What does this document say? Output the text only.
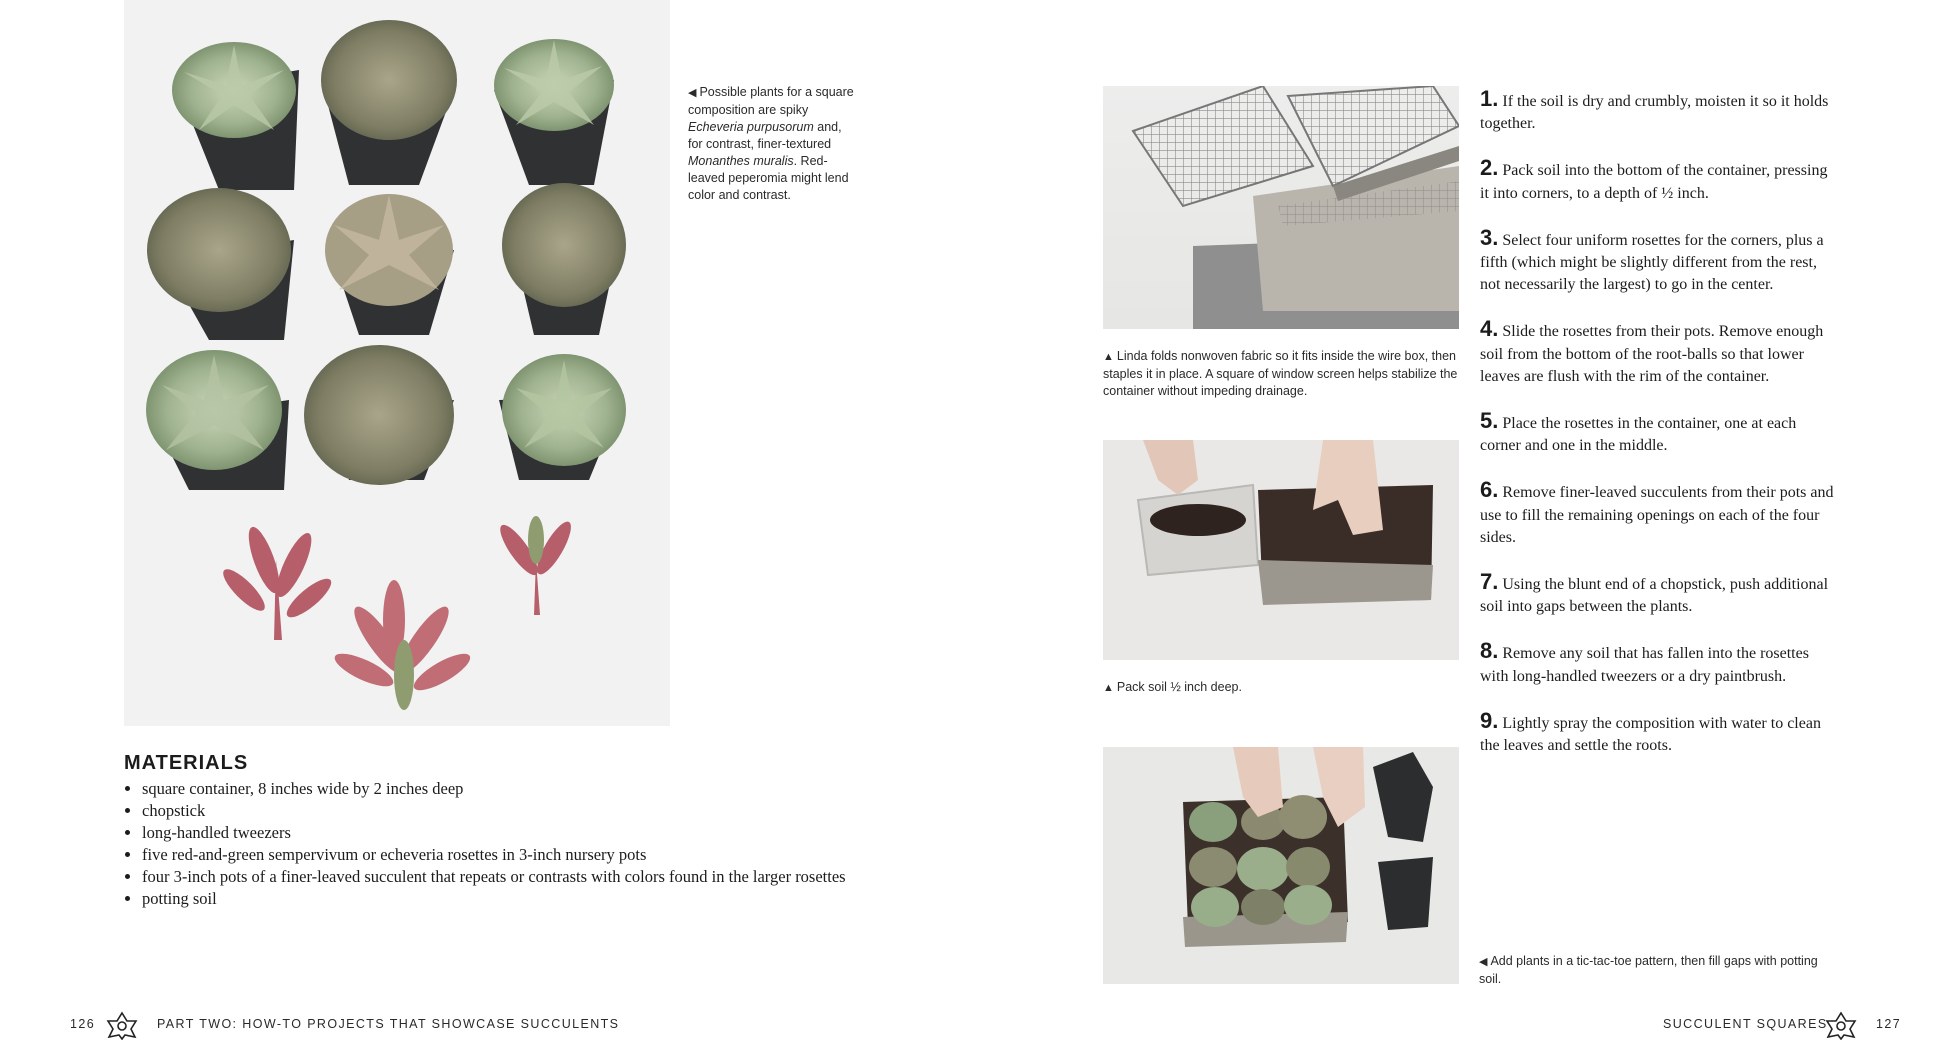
◀ Possible plants for a square composition are spiky Echeveria purpusorum and, for contrast, finer-textured Monanthes muralis. Red-leaved peperomia might lend color and contrast.
MATERIALS
• square container, 8 inches wide by 2 inches deep
• chopstick
• long-handled tweezers
• five red-and-green sempervivum or echeveria rosettes in 3-inch nursery pots
• four 3-inch pots of a finer-leaved succulent that repeats or contrasts with colors found in the larger rosettes
• potting soil
▲ Linda folds nonwoven fabric so it fits inside the wire box, then staples it in place. A square of window screen helps stabilize the container without impeding drainage.
▲ Pack soil ½ inch deep.
◀ Add plants in a tic-tac-toe pattern, then fill gaps with potting soil.
1. If the soil is dry and crumbly, moisten it so it holds together.
2. Pack soil into the bottom of the container, pressing it into corners, to a depth of ½ inch.
3. Select four uniform rosettes for the corners, plus a fifth (which might be slightly different from the rest, not necessarily the largest) to go in the center.
4. Slide the rosettes from their pots. Remove enough soil from the bottom of the root-balls so that lower leaves are flush with the rim of the container.
5. Place the rosettes in the container, one at each corner and one in the middle.
6. Remove finer-leaved succulents from their pots and use to fill the remaining openings on each of the four sides.
7. Using the blunt end of a chopstick, push additional soil into gaps between the plants.
8. Remove any soil that has fallen into the rosettes with long-handled tweezers or a dry paintbrush.
9. Lightly spray the composition with water to clean the leaves and settle the roots.
126	PART TWO: HOW-TO PROJECTS THAT SHOWCASE SUCCULENTS	SUCCULENT SQUARES	127
